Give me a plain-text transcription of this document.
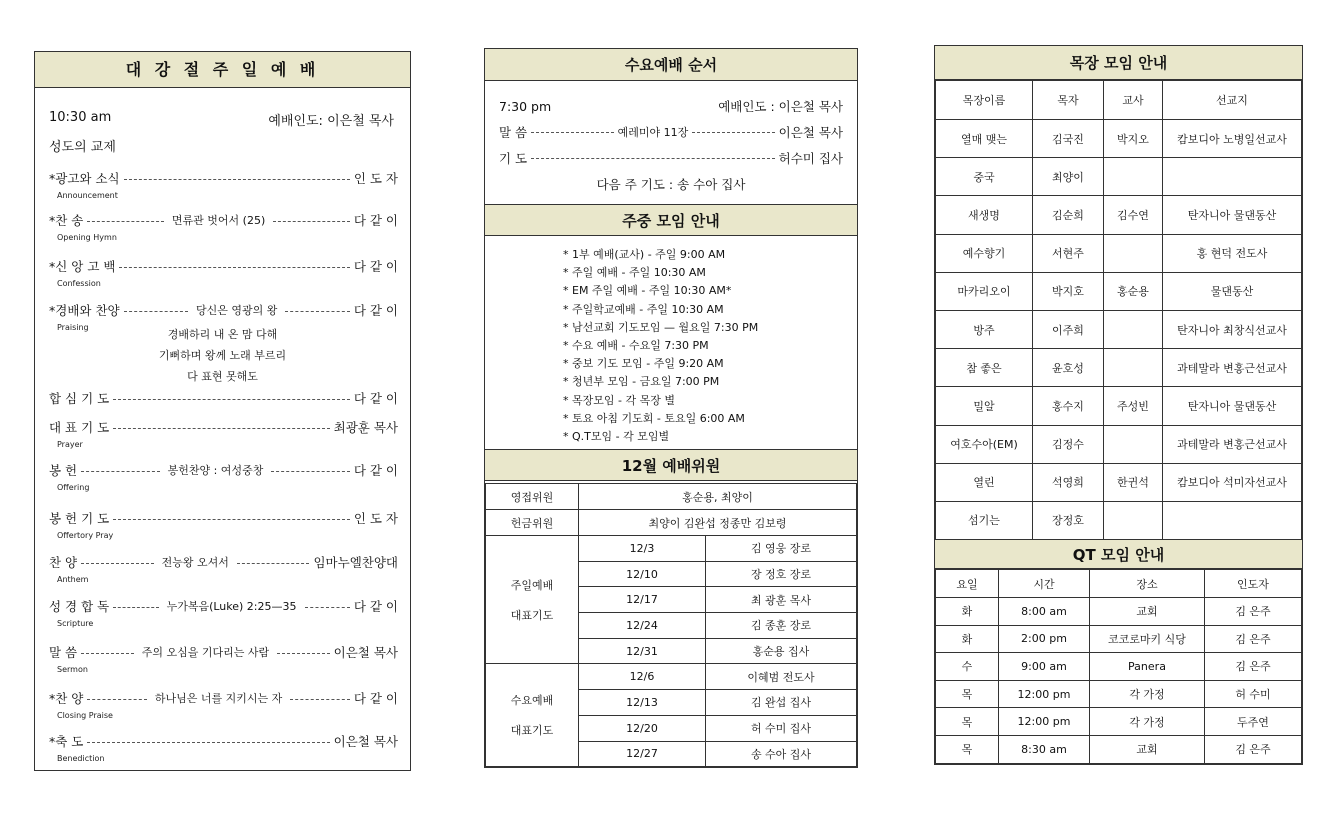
대 강 절 주 일 예 배
10:30 am	예배인도: 이은철 목사
성도의 교제
*광고와 소식	인 도 자
Announcement
*찬 송	면류관 벗어서 (25)	다 같 이
Opening Hymn
*신 앙 고 백	다 같 이
Confession
*경배와 찬양	당신은 영광의 왕	다 같 이
Praising
합 심 기 도	다 같 이
대 표 기 도	최광훈 목사
Prayer
봉 헌	봉헌찬양 : 여성중창	다 같 이
Offering
봉 헌 기 도	인 도 자
Offertory Pray
찬 양	전능왕 오셔서	임마누엘찬양대
Anthem
성 경 합 독	누가복음(Luke) 2:25—35	다 같 이
Scripture
말 씀	주의 오심을 기다리는 사람	이은철 목사
Sermon
*찬 양	하나님은 너를 지키시는 자	다 같 이
Closing Praise
*축 도	이은철 목사
Benediction
경배하리 내 온 맘 다해
기뻐하며 왕께 노래 부르리
다 표현 못해도
수요예배 순서
7:30 pm	예배인도 : 이은철 목사
말 씀	예레미야 11장	이은철 목사
기 도	허수미 집사
다음 주 기도 : 송 수아 집사
주중 모임 안내
* 1부 예배(교사) - 주일 9:00 AM
* 주일 예배 - 주일 10:30 AM
* EM 주일 예배 - 주일 10:30 AM*
* 주일학교예배 - 주일 10:30 AM
* 남선교회 기도모임 — 월요일 7:30 PM
* 수요 예배 - 수요일 7:30 PM
* 중보 기도 모임 - 주일 9:20 AM
* 청년부 모임 - 금요일 7:00 PM
* 목장모임 - 각 목장 별
* 토요 아침 기도회 - 토요일 6:00 AM
* Q.T모임 - 각 모임별
12월 예배위원
영접위원	홍순용, 최양이	
헌금위원	최양이 김완섭 정종만 김보령	

주일예배
대표기도	12/3	김 영웅 장로
	12/10	장 정호 장로
	12/17	최 광훈 목사
	12/24	김 종훈 장로
	12/31	홍순용 집사

수요예배
대표기도	12/6	이혜범 전도사
	12/13	김 완섭 집사
	12/20	허 수미 집사
	12/27	송 수아 집사
목장 모임 안내
목장이름	목자	교사	선교지
열매 맺는	김국진	박지오	캄보디아 노병일선교사
중국	최양이		
새생명	김순희	김수연	탄자니아 물댄동산
예수향기	서현주		홍 현덕 전도사
마카리오이	박지호	홍순용	물댄동산
방주	이주희		탄자니아 최창식선교사
참 좋은	윤호성		과테말라 변홍근선교사
밀알	홍수지	주성빈	탄자니아 물댄동산
여호수아(EM)	김정수		과테말라 변홍근선교사
열린	석영희	한귄석	캄보디아 석미자선교사
섬기는	장정호		
QT 모임 안내
요일	시간	장소	인도자
화	8:00 am	교회	김 은주
화	2:00 pm	코코로마키 식당	김 은주
수	9:00 am	Panera	김 은주
목	12:00 pm	각 가정	허 수미
목	12:00 pm	각 가정	두주연
목	8:30 am	교회	김 은주
